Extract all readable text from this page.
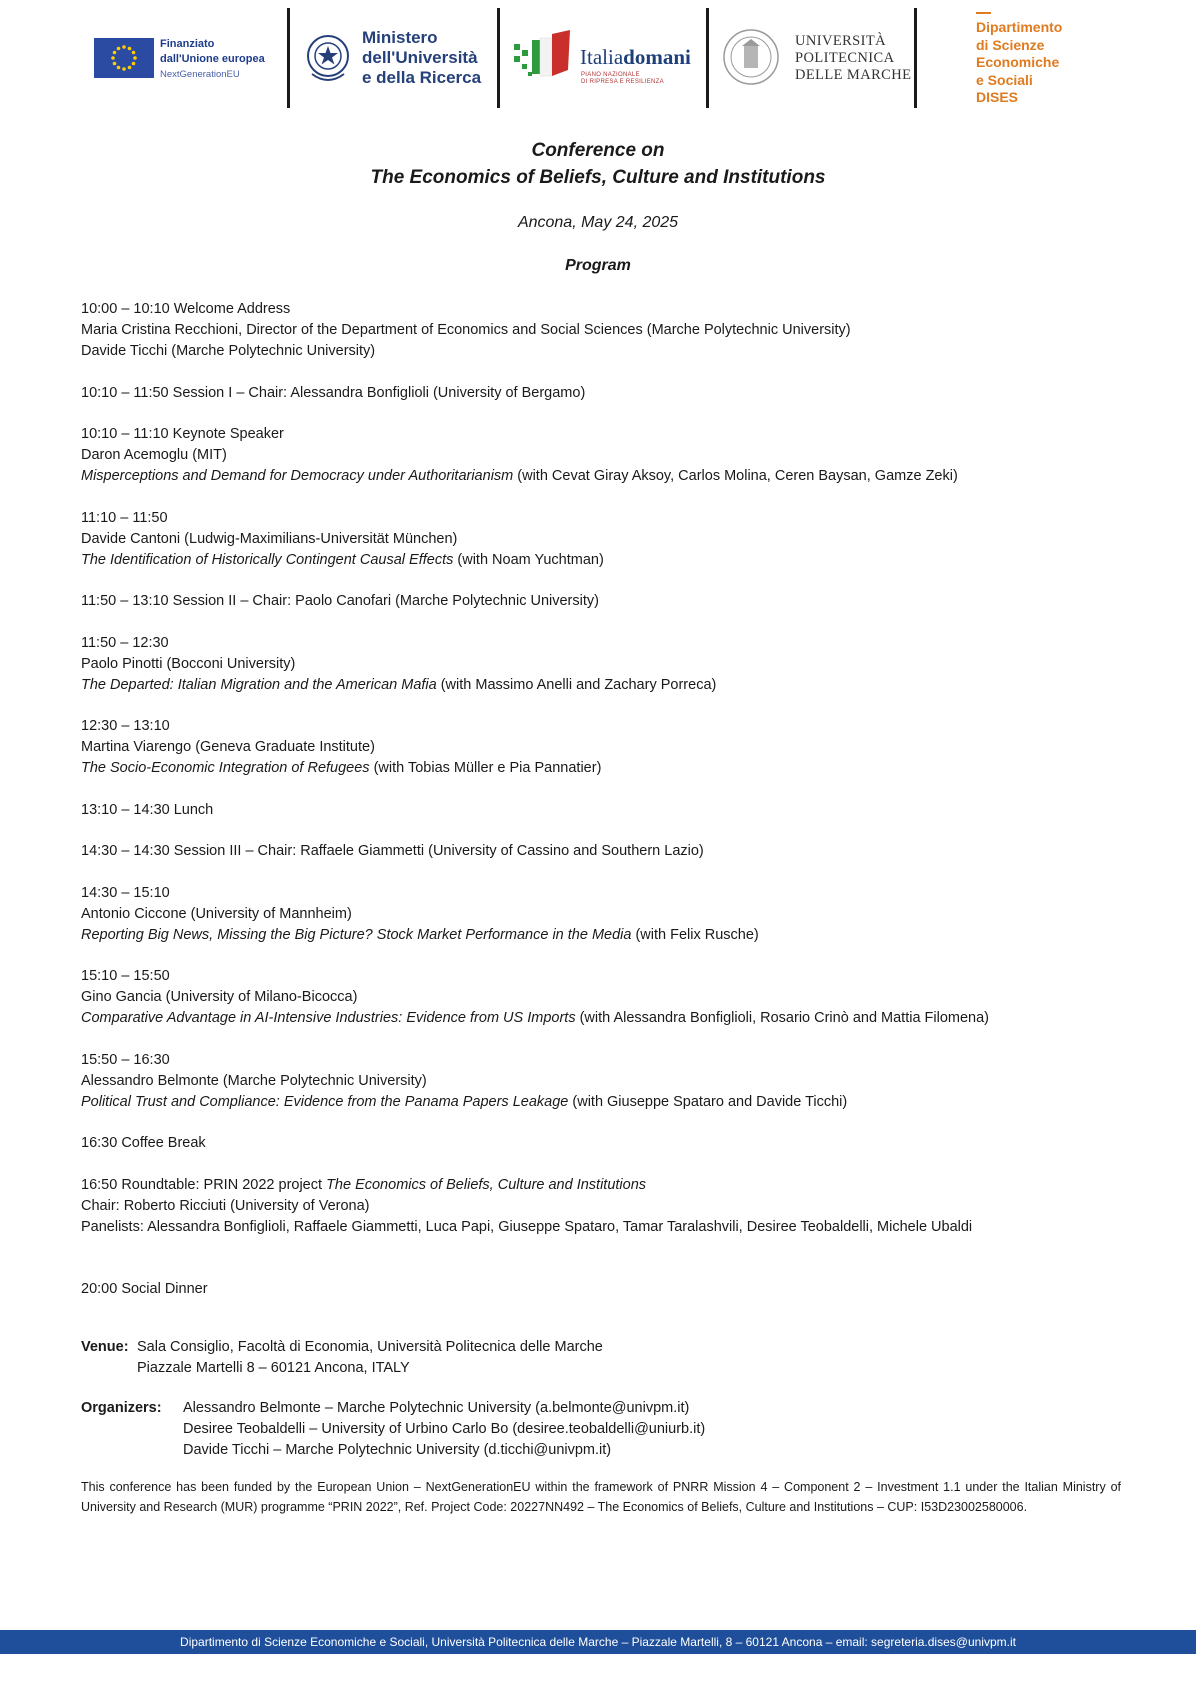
Finanziato
dall'Unione europea
NextGenerationEU
Ministero
dell'Università
e della Ricerca
Italiadomani
PIANO NAZIONALE
DI RIPRESA E RESILIENZA
UNIVERSITÀ
POLITECNICA
DELLE MARCHE
Dipartimento
di Scienze
Economiche
e Sociali
DISES
Conference on
The Economics of Beliefs, Culture and Institutions
Ancona, May 24, 2025
Program
10:00 – 10:10 Welcome Address
Maria Cristina Recchioni, Director of the Department of Economics and Social Sciences (Marche Polytechnic University)
Davide Ticchi (Marche Polytechnic University)
10:10 – 11:50 Session I – Chair: Alessandra Bonfiglioli (University of Bergamo)
10:10 – 11:10 Keynote Speaker
Daron Acemoglu (MIT)
Misperceptions and Demand for Democracy under Authoritarianism (with Cevat Giray Aksoy, Carlos Molina, Ceren Baysan, Gamze Zeki)
11:10 – 11:50
Davide Cantoni (Ludwig-Maximilians-Universität München)
The Identification of Historically Contingent Causal Effects (with Noam Yuchtman)
11:50 – 13:10 Session II – Chair: Paolo Canofari (Marche Polytechnic University)
11:50 – 12:30
Paolo Pinotti (Bocconi University)
The Departed: Italian Migration and the American Mafia (with Massimo Anelli and Zachary Porreca)
12:30 – 13:10
Martina Viarengo (Geneva Graduate Institute)
The Socio-Economic Integration of Refugees (with Tobias Müller e Pia Pannatier)
13:10 – 14:30 Lunch
14:30 – 14:30 Session III – Chair: Raffaele Giammetti (University of Cassino and Southern Lazio)
14:30 – 15:10
Antonio Ciccone (University of Mannheim)
Reporting Big News, Missing the Big Picture? Stock Market Performance in the Media (with Felix Rusche)
15:10 – 15:50
Gino Gancia (University of Milano-Bicocca)
Comparative Advantage in AI-Intensive Industries: Evidence from US Imports (with Alessandra Bonfiglioli, Rosario Crinò and Mattia Filomena)
15:50 – 16:30
Alessandro Belmonte (Marche Polytechnic University)
Political Trust and Compliance: Evidence from the Panama Papers Leakage (with Giuseppe Spataro and Davide Ticchi)
16:30 Coffee Break
16:50 Roundtable: PRIN 2022 project The Economics of Beliefs, Culture and Institutions
Chair: Roberto Ricciuti (University of Verona)
Panelists: Alessandra Bonfiglioli, Raffaele Giammetti, Luca Papi, Giuseppe Spataro, Tamar Taralashvili, Desiree Teobaldelli, Michele Ubaldi
20:00 Social Dinner
Venue: Sala Consiglio, Facoltà di Economia, Università Politecnica delle Marche
Piazzale Martelli 8 – 60121 Ancona, ITALY
Organizers: Alessandro Belmonte – Marche Polytechnic University (a.belmonte@univpm.it)
Desiree Teobaldelli – University of Urbino Carlo Bo (desiree.teobaldelli@uniurb.it)
Davide Ticchi – Marche Polytechnic University (d.ticchi@univpm.it)
This conference has been funded by the European Union – NextGenerationEU within the framework of PNRR Mission 4 – Component 2 – Investment 1.1 under the Italian Ministry of University and Research (MUR) programme “PRIN 2022”, Ref. Project Code: 20227NN492 – The Economics of Beliefs, Culture and Institutions – CUP: I53D23002580006.
Dipartimento di Scienze Economiche e Sociali, Università Politecnica delle Marche – Piazzale Martelli, 8 – 60121 Ancona – email: segreteria.dises@univpm.it
